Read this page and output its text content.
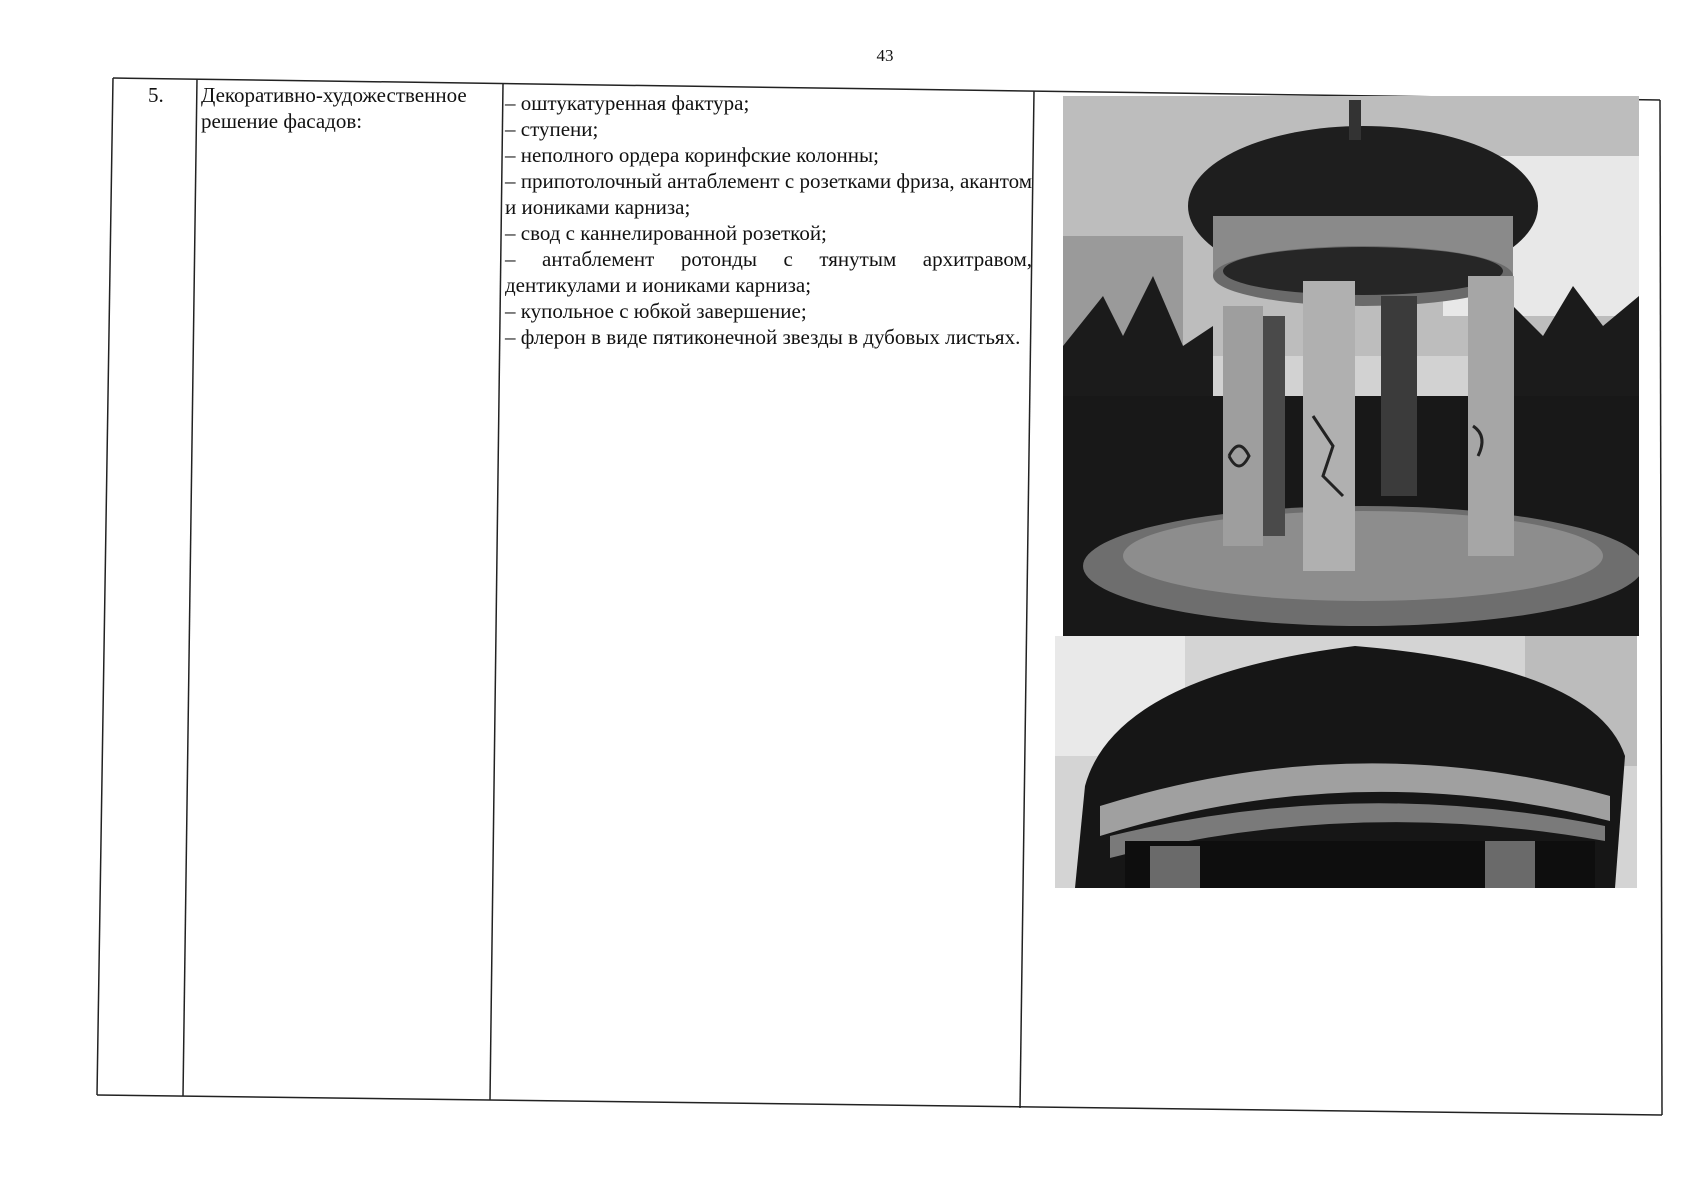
43
5. Декоративно-художественное решение фасадов:
– оштукатуренная фактура;
– ступени;
– неполного ордера коринфские колонны;
– припотолочный антаблемент с розетками фриза, акантом и иониками карниза;
– свод с каннелированной розеткой;
– антаблемент ротонды с тянутым архитравом, дентикулами и иониками карниза;
– купольное с юбкой завершение;
– флерон в виде пятиконечной звезды в дубовых листьях.
